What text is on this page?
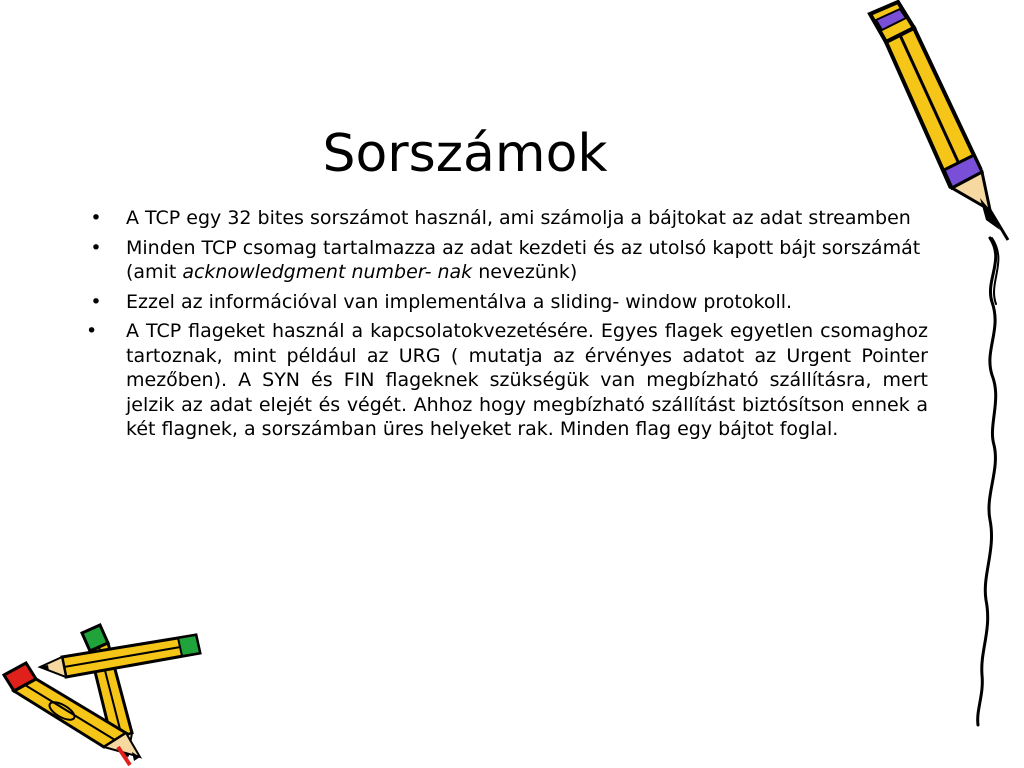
Sorszámok
• A TCP egy 32 bites sorszámot használ, ami számolja a bájtokat az adat streamben
• Minden TCP csomag tartalmazza az adat kezdeti és az utolsó kapott bájt sorszámát (amit acknowledgment number- nak nevezünk)
• Ezzel az információval van implementálva a sliding- window protokoll.
•	A TCP flageket használ a kapcsolatokvezetésére. Egyes flagek egyetlen csomaghoz tartoznak, mint például az URG ( mutatja az érvényes adatot az Urgent Pointer mezőben). A SYN és FIN flageknek szükségük van megbízható szállításra, mert jelzik az adat elejét és végét. Ahhoz hogy megbízható szállítást biztósítson ennek a két flagnek, a sorszámban üres helyeket rak. Minden flag egy bájtot foglal.
